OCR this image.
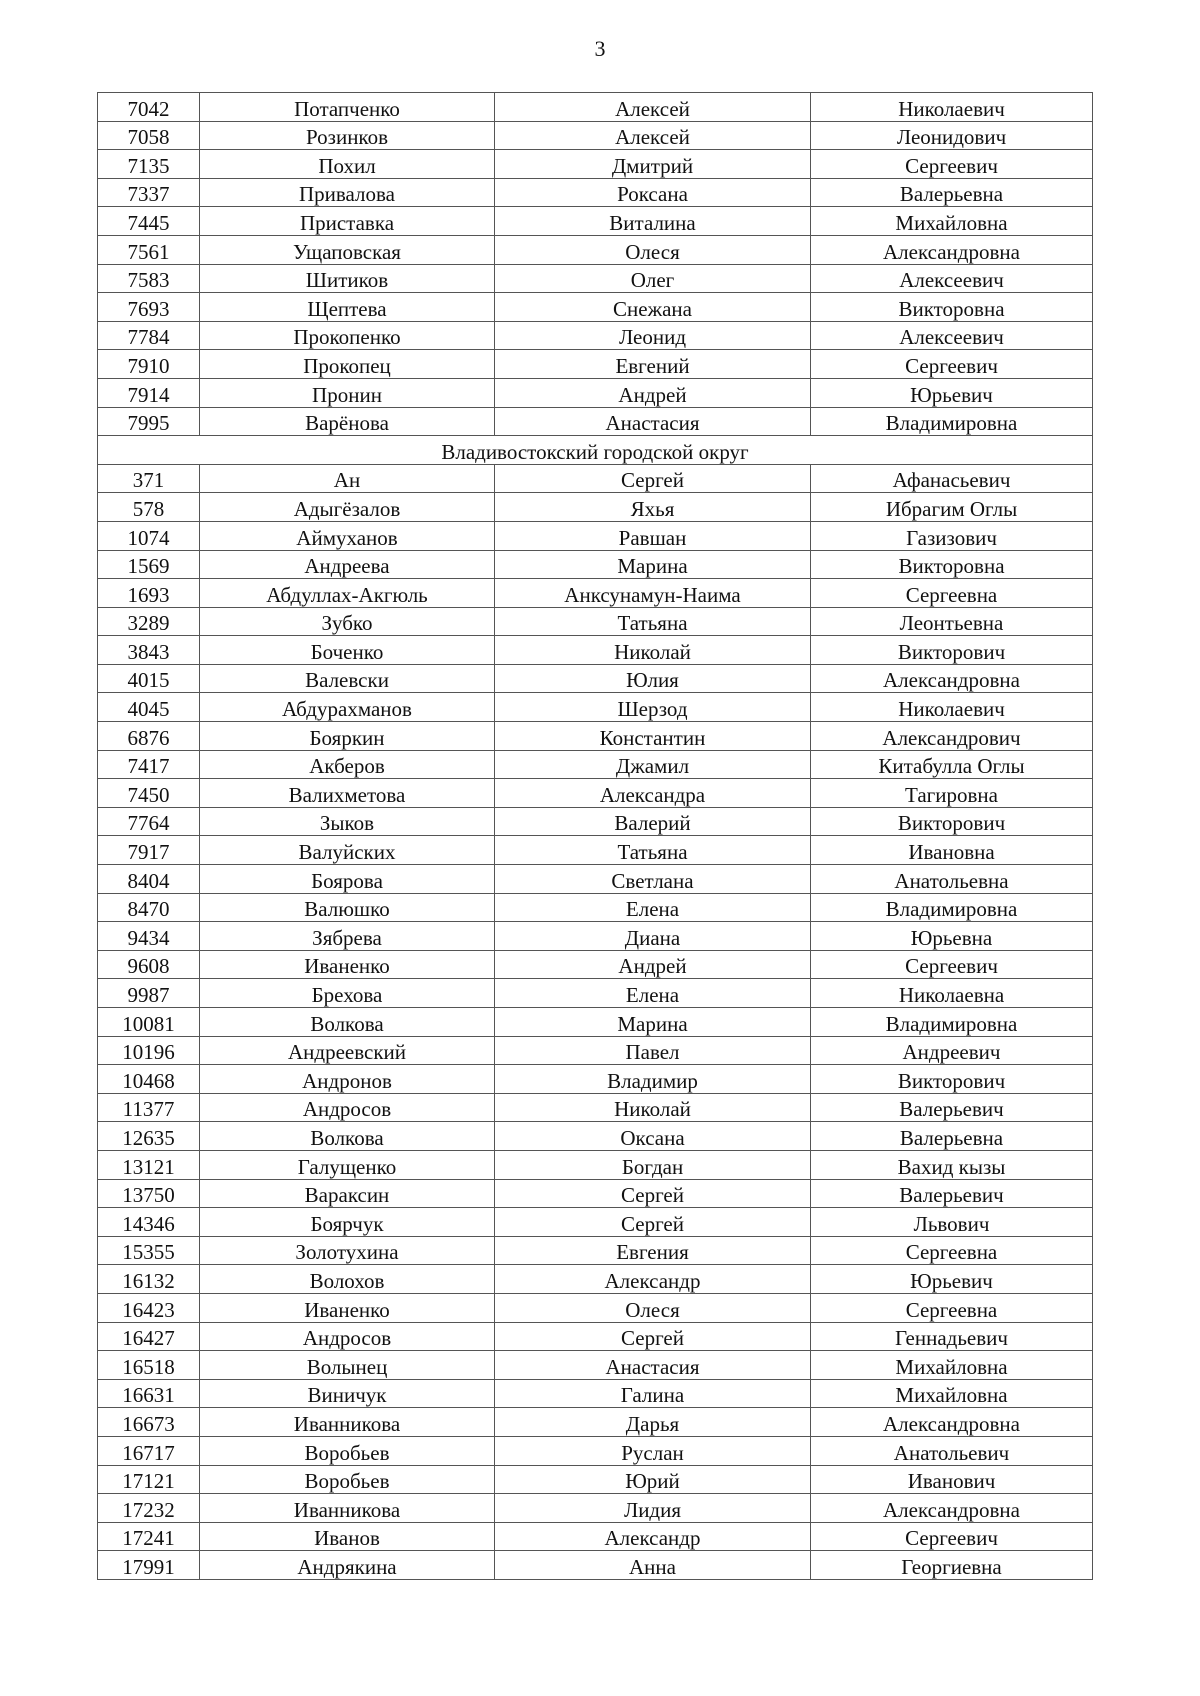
3
7042	Потапченко	Алексей	Николаевич
7058	Розинков	Алексей	Леонидович
7135	Похил	Дмитрий	Сергеевич
7337	Привалова	Роксана	Валерьевна
7445	Приставка	Виталина	Михайловна
7561	Ущаповская	Олеся	Александровна
7583	Шитиков	Олег	Алексеевич
7693	Щептева	Снежана	Викторовна
7784	Прокопенко	Леонид	Алексеевич
7910	Прокопец	Евгений	Сергеевич
7914	Пронин	Андрей	Юрьевич
7995	Варёнова	Анастасия	Владимировна
Владивостокский городской округ			
371	Ан	Сергей	Афанасьевич
578	Адыгёзалов	Яхья	Ибрагим Оглы
1074	Аймуханов	Равшан	Газизович
1569	Андреева	Марина	Викторовна
1693	Абдуллах-Акгюль	Анксунамун-Наима	Сергеевна
3289	Зубко	Татьяна	Леонтьевна
3843	Боченко	Николай	Викторович
4015	Валевски	Юлия	Александровна
4045	Абдурахманов	Шерзод	Николаевич
6876	Бояркин	Константин	Александрович
7417	Акберов	Джамил	Китабулла Оглы
7450	Валихметова	Александра	Тагировна
7764	Зыков	Валерий	Викторович
7917	Валуйских	Татьяна	Ивановна
8404	Боярова	Светлана	Анатольевна
8470	Валюшко	Елена	Владимировна
9434	Зябрева	Диана	Юрьевна
9608	Иваненко	Андрей	Сергеевич
9987	Брехова	Елена	Николаевна
10081	Волкова	Марина	Владимировна
10196	Андреевский	Павел	Андреевич
10468	Андронов	Владимир	Викторович
11377	Андросов	Николай	Валерьевич
12635	Волкова	Оксана	Валерьевна
13121	Галущенко	Богдан	Вахид кызы
13750	Вараксин	Сергей	Валерьевич
14346	Боярчук	Сергей	Львович
15355	Золотухина	Евгения	Сергеевна
16132	Волохов	Александр	Юрьевич
16423	Иваненко	Олеся	Сергеевна
16427	Андросов	Сергей	Геннадьевич
16518	Волынец	Анастасия	Михайловна
16631	Виничук	Галина	Михайловна
16673	Иванникова	Дарья	Александровна
16717	Воробьев	Руслан	Анатольевич
17121	Воробьев	Юрий	Иванович
17232	Иванникова	Лидия	Александровна
17241	Иванов	Александр	Сергеевич
17991	Андрякина	Анна	Георгиевна
